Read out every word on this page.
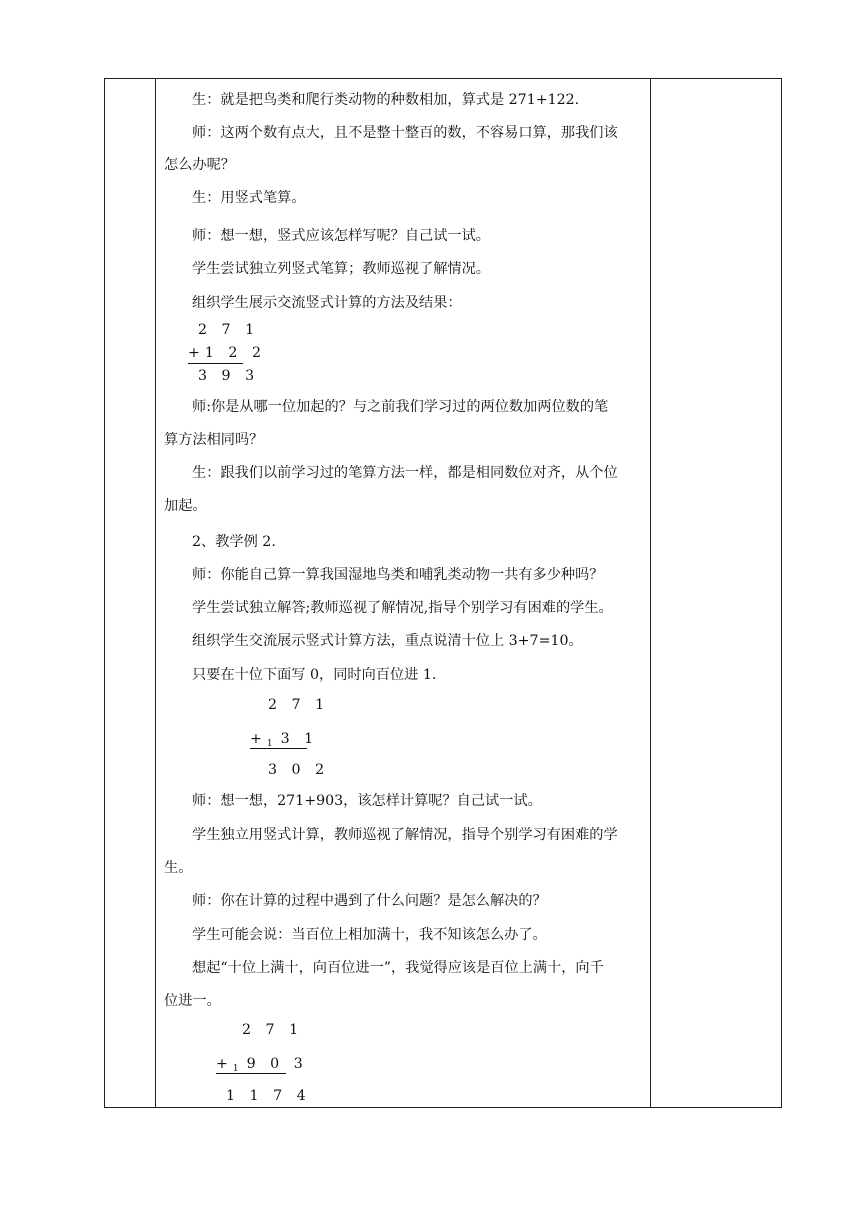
生：就是把鸟类和爬行类动物的种数相加，算式是 271+122.
师：这两个数有点大，且不是整十整百的数，不容易口算，那我们该
怎么办呢？
生：用竖式笔算。
师：想一想，竖式应该怎样写呢？自己试一试。
学生尝试独立列竖式笔算；教师巡视了解情况。
组织学生展示交流竖式计算的方法及结果：
2 7 1
+1 2 2
3 9 3
师:你是从哪一位加起的？与之前我们学习过的两位数加两位数的笔
算方法相同吗？
生：跟我们以前学习过的笔算方法一样，都是相同数位对齐，从个位
加起。
2、教学例 2.
师：你能自己算一算我国湿地鸟类和哺乳类动物一共有多少种吗？
学生尝试独立解答;教师巡视了解情况,指导个别学习有困难的学生。
组织学生交流展示竖式计算方法，重点说清十位上 3+7=10。
只要在十位下面写 0，同时向百位进 1.
2 7 1
$+_1$ 3 1
3 0 2
师：想一想，271+903，该怎样计算呢？自己试一试。
学生独立用竖式计算，教师巡视了解情况，指导个别学习有困难的学
生。
师：你在计算的过程中遇到了什么问题？是怎么解决的？
学生可能会说：当百位上相加满十，我不知该怎么办了。
想起“十位上满十，向百位进一”，我觉得应该是百位上满十，向千
位进一。
2 7 1
$+_1$ 9 0 3
1 1 7 4
